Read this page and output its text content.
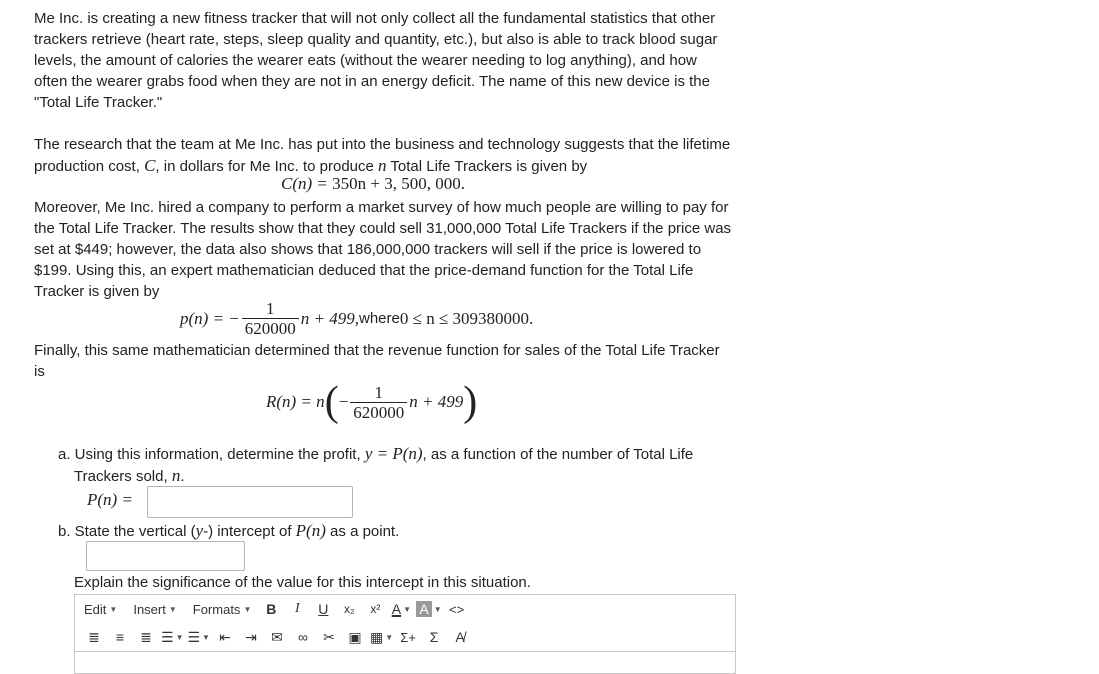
Me Inc. is creating a new fitness tracker that will not only collect all the fundamental statistics that other trackers retrieve (heart rate, steps, sleep quality and quantity, etc.), but also is able to track blood sugar levels, the amount of calories the wearer eats (without the wearer needing to log anything), and how often the wearer grabs food when they are not in an energy deficit. The name of this new device is the "Total Life Tracker."

The research that the team at Me Inc. has put into the business and technology suggests that the lifetime production cost, C, in dollars for Me Inc. to produce n Total Life Trackers is given by

C(n) = 350n + 3, 500, 000.

Moreover, Me Inc. hired a company to perform a market survey of how much people are willing to pay for the Total Life Tracker. The results show that they could sell 31,000,000 Total Life Trackers if the price was set at $449; however, the data also shows that 186,000,000 trackers will sell if the price is lowered to $199. Using this, an expert mathematician deduced that the price-demand function for the Total Life Tracker is given by

p(n) = − $\frac{1}{620000}$ n + 499, where 0 ≤ n ≤ 309380000.

Finally, this same mathematician determined that the revenue function for sales of the Total Life Tracker is

R(n) = n ( − $\frac{1}{620000}$ n + 499 )

a. Using this information, determine the profit, y = P(n), as a function of the number of Total Life Trackers sold, n.

P(n) =

b. State the vertical (y-) intercept of P(n) as a point.

Explain the significance of the value for this intercept in this situation.

Edit ▼ Insert ▼ Formats ▼	B	I	U	x₂	x² A ▼ A ▼ <>
≣	≡	≣ ☰ ▼ ☰ ▼ ⇤	⇥	✉	∞	✂ ▣ ▦ ▼ Σ+ Σ	A̸
